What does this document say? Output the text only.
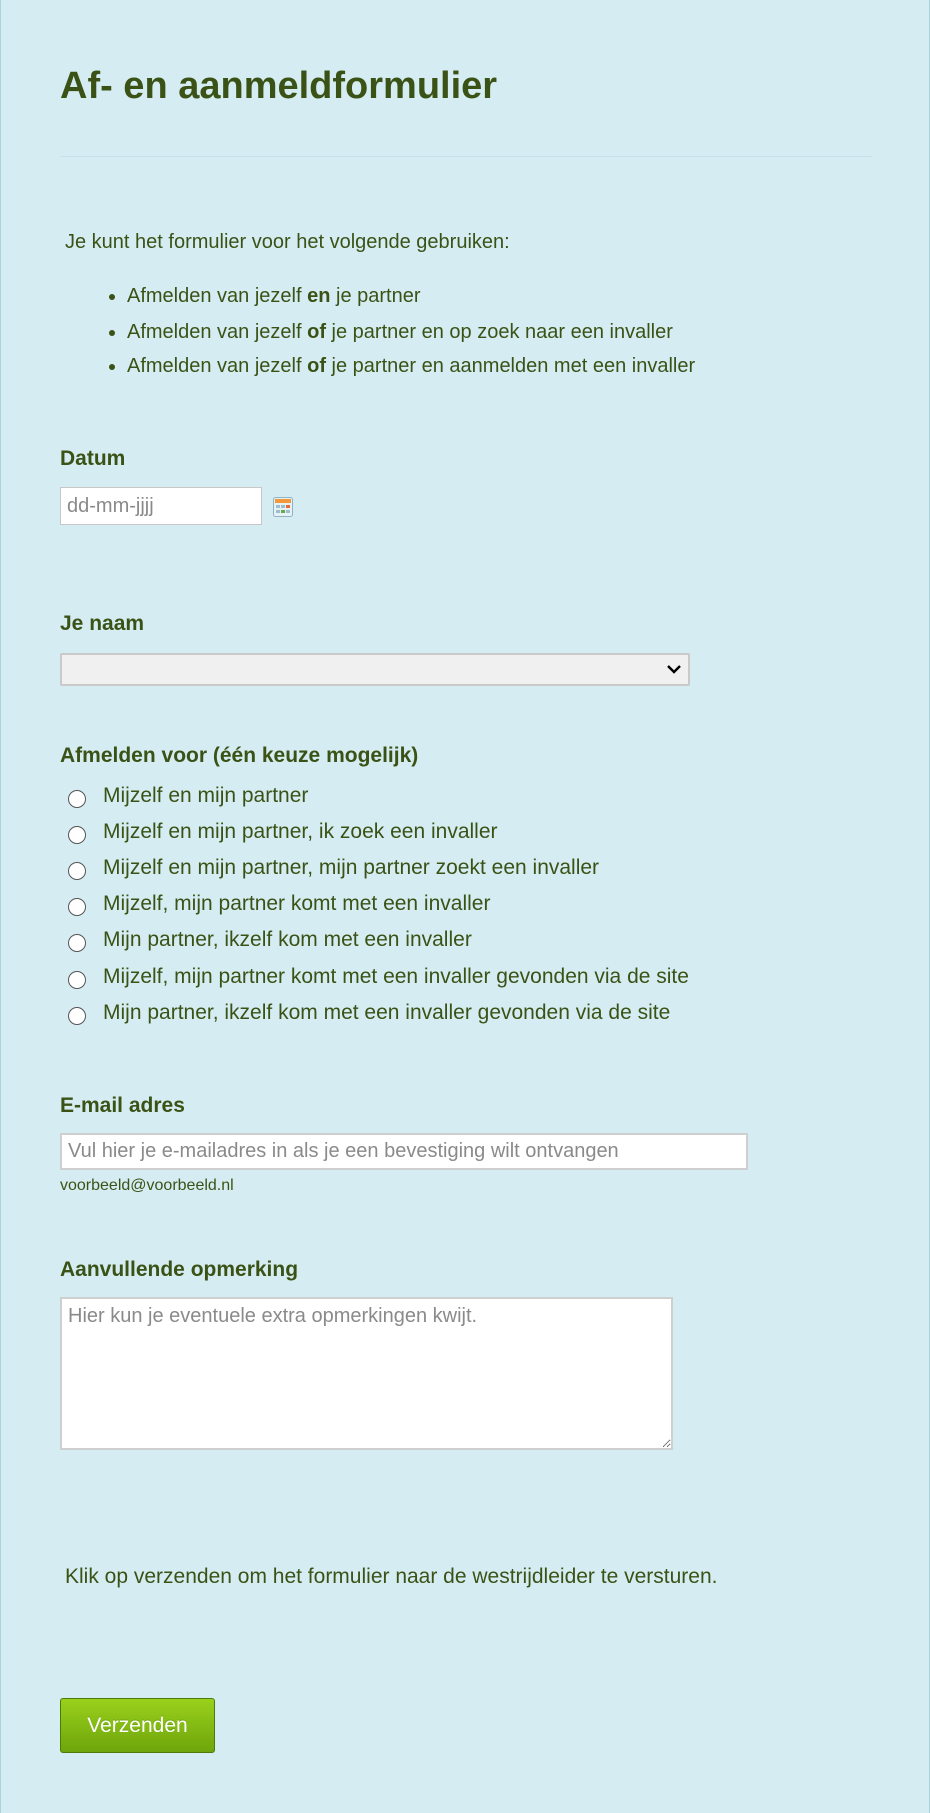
Af- en aanmeldformulier

Je kunt het formulier voor het volgende gebruiken:

• Afmelden van jezelf en je partner
• Afmelden van jezelf of je partner en op zoek naar een invaller
• Afmelden van jezelf of je partner en aanmelden met een invaller

Datum

dd-mm-jjjj

Je naam

Afmelden voor (één keuze mogelijk)

Mijzelf en mijn partner
Mijzelf en mijn partner, ik zoek een invaller
Mijzelf en mijn partner, mijn partner zoekt een invaller
Mijzelf, mijn partner komt met een invaller
Mijn partner, ikzelf kom met een invaller
Mijzelf, mijn partner komt met een invaller gevonden via de site
Mijn partner, ikzelf kom met een invaller gevonden via de site

E-mail adres

Vul hier je e-mailadres in als je een bevestiging wilt ontvangen
voorbeeld@voorbeeld.nl

Aanvullende opmerking

Hier kun je eventuele extra opmerkingen kwijt.

Klik op verzenden om het formulier naar de westrijdleider te versturen.

Verzenden
